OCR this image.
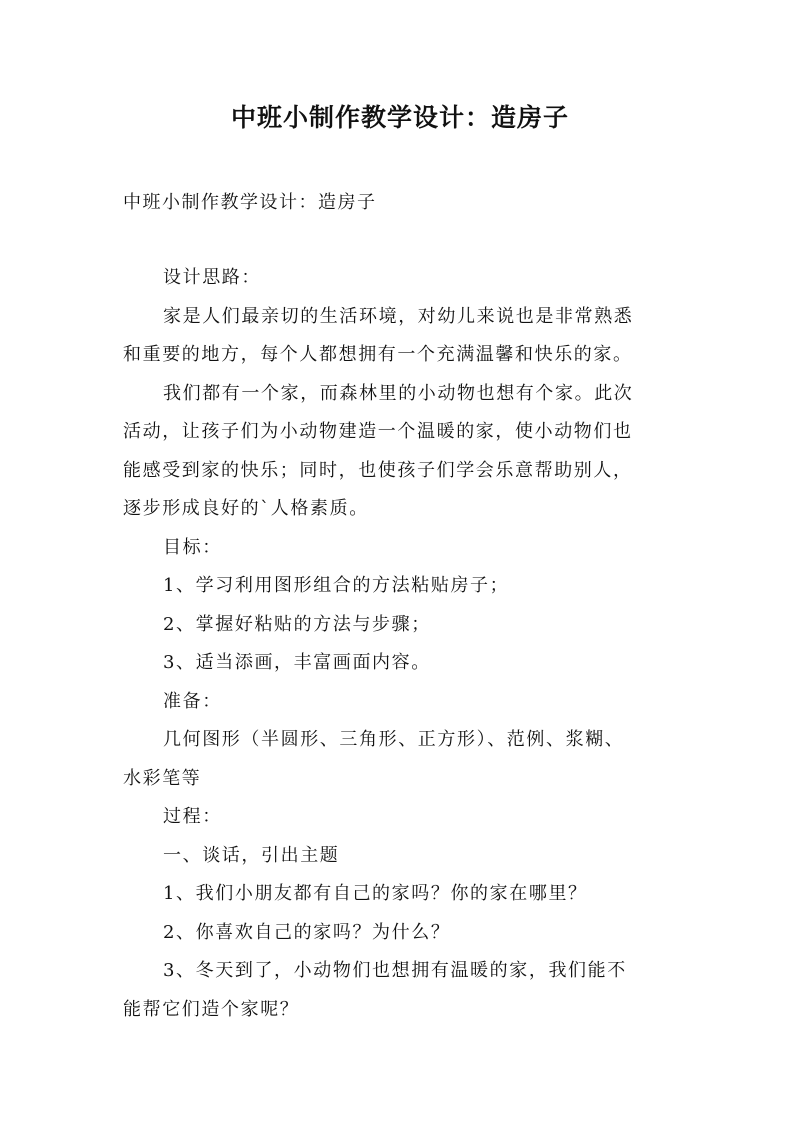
中班小制作教学设计：造房子

中班小制作教学设计：造房子

设计思路：

家是人们最亲切的生活环境，对幼儿来说也是非常熟悉

和重要的地方，每个人都想拥有一个充满温馨和快乐的家。

我们都有一个家，而森林里的小动物也想有个家。此次

活动，让孩子们为小动物建造一个温暖的家，使小动物们也

能感受到家的快乐；同时，也使孩子们学会乐意帮助别人，

逐步形成良好的`人格素质。

目标：

1、学习利用图形组合的方法粘贴房子；

2、掌握好粘贴的方法与步骤；

3、适当添画，丰富画面内容。

准备：

几何图形（半圆形、三角形、正方形）、范例、浆糊、

水彩笔等

过程：

一、谈话，引出主题

1、我们小朋友都有自己的家吗？你的家在哪里？

2、你喜欢自己的家吗？为什么？

3、冬天到了，小动物们也想拥有温暖的家，我们能不

能帮它们造个家呢？
